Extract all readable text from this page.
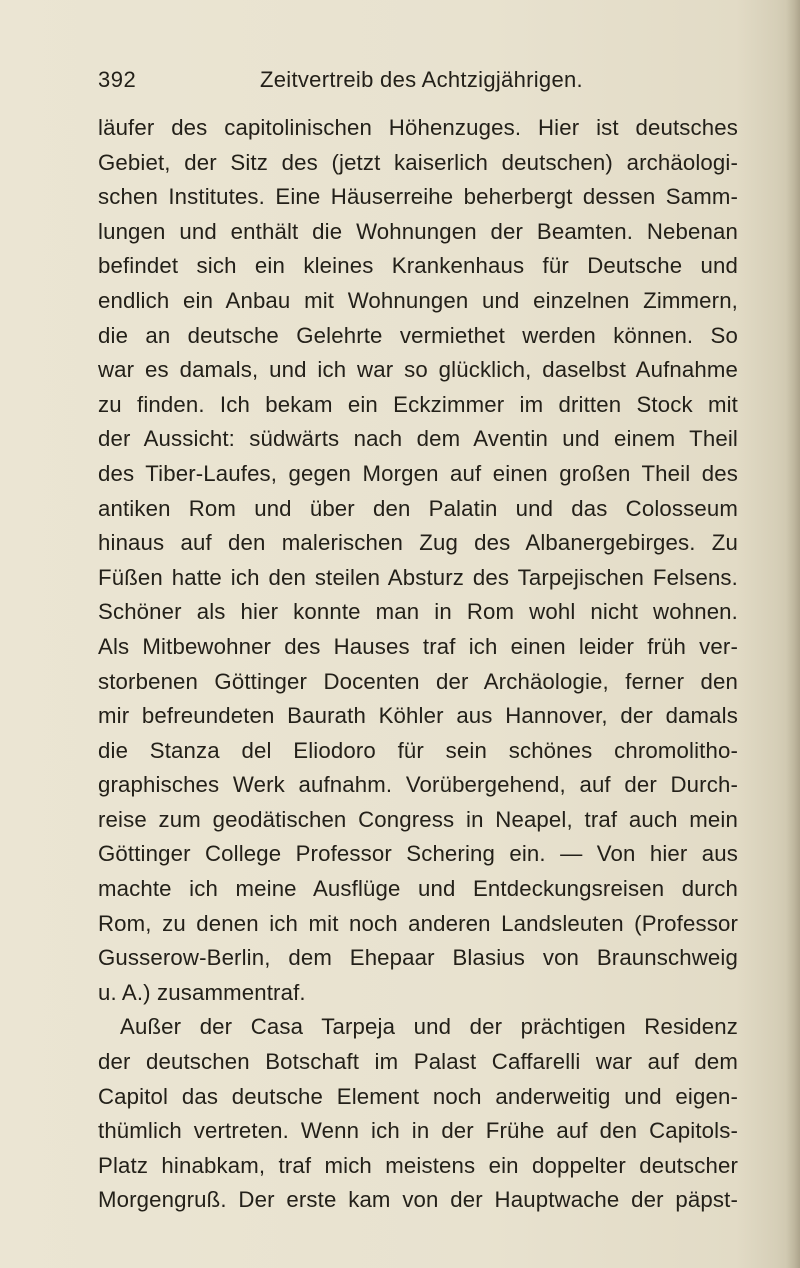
392	Zeitvertreib des Achtzigjährigen.
läufer des capitolinischen Höhenzuges. Hier ist deutsches
Gebiet, der Sitz des (jetzt kaiserlich deutschen) archäologi-
schen Institutes. Eine Häuserreihe beherbergt dessen Samm-
lungen und enthält die Wohnungen der Beamten. Nebenan
befindet sich ein kleines Krankenhaus für Deutsche und
endlich ein Anbau mit Wohnungen und einzelnen Zimmern,
die an deutsche Gelehrte vermiethet werden können. So
war es damals, und ich war so glücklich, daselbst Aufnahme
zu finden. Ich bekam ein Eckzimmer im dritten Stock mit
der Aussicht: südwärts nach dem Aventin und einem Theil
des Tiber-Laufes, gegen Morgen auf einen großen Theil des
antiken Rom und über den Palatin und das Colosseum
hinaus auf den malerischen Zug des Albanergebirges. Zu
Füßen hatte ich den steilen Absturz des Tarpejischen Felsens.
Schöner als hier konnte man in Rom wohl nicht wohnen.
Als Mitbewohner des Hauses traf ich einen leider früh ver-
storbenen Göttinger Docenten der Archäologie, ferner den
mir befreundeten Baurath Köhler aus Hannover, der damals
die Stanza del Eliodoro für sein schönes chromolitho-
graphisches Werk aufnahm. Vorübergehend, auf der Durch-
reise zum geodätischen Congress in Neapel, traf auch mein
Göttinger College Professor Schering ein. — Von hier aus
machte ich meine Ausflüge und Entdeckungsreisen durch
Rom, zu denen ich mit noch anderen Landsleuten (Professor
Gusserow-Berlin, dem Ehepaar Blasius von Braunschweig
u. A.) zusammentraf.
Außer der Casa Tarpeja und der prächtigen Residenz
der deutschen Botschaft im Palast Caffarelli war auf dem
Capitol das deutsche Element noch anderweitig und eigen-
thümlich vertreten. Wenn ich in der Frühe auf den Capitols-
Platz hinabkam, traf mich meistens ein doppelter deutscher
Morgengruß. Der erste kam von der Hauptwache der päpst-
